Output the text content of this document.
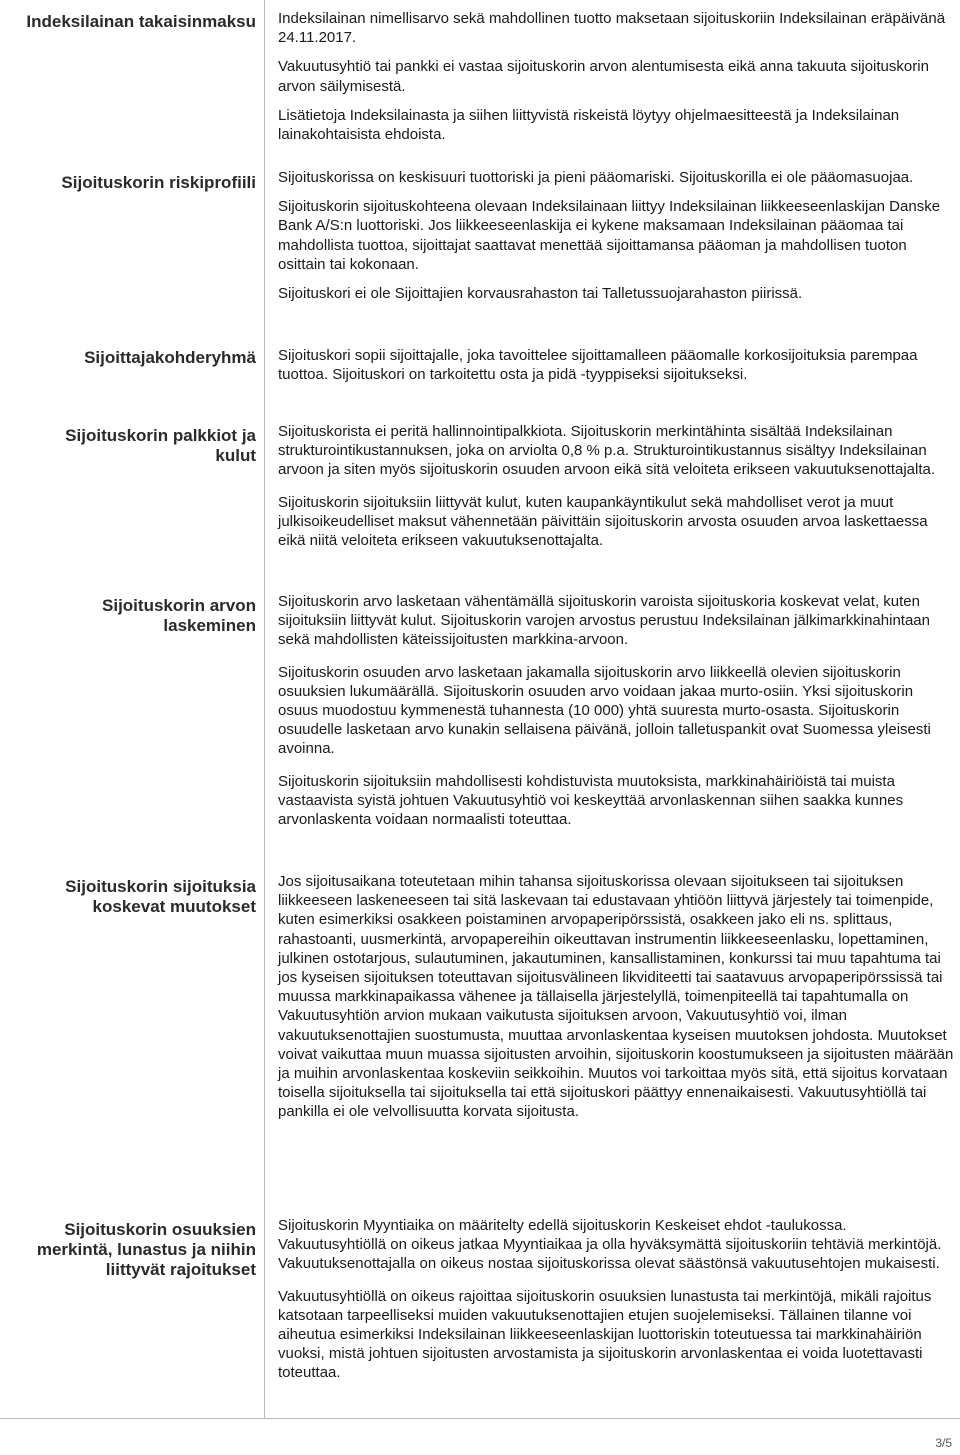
Indeksilainan takaisinmaksu
Sijoituskorin riskiprofiili
Sijoittajakohderyhmä
Sijoituskorin palkkiot ja kulut
Sijoituskorin arvon laskeminen
Sijoituskorin sijoituksia koskevat muutokset
Sijoituskorin osuuksien merkintä, lunastus ja niihin liittyvät rajoitukset

Indeksilainan nimellisarvo sekä mahdollinen tuotto maksetaan sijoituskoriin Indeksilainan eräpäivänä 24.11.2017.

Vakuutusyhtiö tai pankki ei vastaa sijoituskorin arvon alentumisesta eikä anna takuuta sijoituskorin arvon säilymisestä.

Lisätietoja Indeksilainasta ja siihen liittyvistä riskeistä löytyy ohjelmaesitteestä ja Indeksilainan lainakohtaisista ehdoista.

Sijoituskorissa on keskisuuri tuottoriski ja pieni pääomariski. Sijoituskorilla ei ole pääomasuojaa.

Sijoituskorin sijoituskohteena olevaan Indeksilainaan liittyy Indeksilainan liikkeeseenlaskijan Danske Bank A/S:n luottoriski. Jos liikkeeseenlaskija ei kykene maksamaan Indeksilainan pääomaa tai mahdollista tuottoa, sijoittajat saattavat menettää sijoittamansa pääoman ja mahdollisen tuoton osittain tai kokonaan.

Sijoituskori ei ole Sijoittajien korvausrahaston tai Talletussuojarahaston piirissä.

Sijoituskori sopii sijoittajalle, joka tavoittelee sijoittamalleen pääomalle korkosijoituksia parempaa tuottoa. Sijoituskori on tarkoitettu osta ja pidä -tyyppiseksi sijoitukseksi.

Sijoituskorista ei peritä hallinnointipalkkiota. Sijoituskorin merkintähinta sisältää Indeksilainan strukturointikustannuksen, joka on arviolta 0,8 % p.a. Strukturointikustannus sisältyy Indeksilainan arvoon ja siten myös sijoituskorin osuuden arvoon eikä sitä veloiteta erikseen vakuutuksenottajalta.

Sijoituskorin sijoituksiin liittyvät kulut, kuten kaupankäyntikulut sekä mahdolliset verot ja muut julkisoikeudelliset maksut vähennetään päivittäin sijoituskorin arvosta osuuden arvoa laskettaessa eikä niitä veloiteta erikseen vakuutuksenottajalta.

Sijoituskorin arvo lasketaan vähentämällä sijoituskorin varoista sijoituskoria koskevat velat, kuten sijoituksiin liittyvät kulut. Sijoituskorin varojen arvostus perustuu Indeksilainan jälkimarkkinahintaan sekä mahdollisten käteissijoitusten markkina-arvoon.

Sijoituskorin osuuden arvo lasketaan jakamalla sijoituskorin arvo liikkeellä olevien sijoituskorin osuuksien lukumäärällä. Sijoituskorin osuuden arvo voidaan jakaa murto-osiin. Yksi sijoituskorin osuus muodostuu kymmenestä tuhannesta (10 000) yhtä suuresta murto-osasta. Sijoituskorin osuudelle lasketaan arvo kunakin sellaisena päivänä, jolloin talletuspankit ovat Suomessa yleisesti avoinna.

Sijoituskorin sijoituksiin mahdollisesti kohdistuvista muutoksista, markkinahäiriöistä tai muista vastaavista syistä johtuen Vakuutusyhtiö voi keskeyttää arvonlaskennan siihen saakka kunnes arvonlaskenta voidaan normaalisti toteuttaa.

Jos sijoitusaikana toteutetaan mihin tahansa sijoituskorissa olevaan sijoitukseen tai sijoituksen liikkeeseen laskeneeseen tai sitä laskevaan tai edustavaan yhtiöön liittyvä järjestely tai toimenpide, kuten esimerkiksi osakkeen poistaminen arvopaperipörssistä, osakkeen jako eli ns. splittaus, rahastoanti, uusmerkintä, arvopapereihin oikeuttavan instrumentin liikkeeseenlasku, lopettaminen, julkinen ostotarjous, sulautuminen, jakautuminen, kansallistaminen, konkurssi tai muu tapahtuma tai jos kyseisen sijoituksen toteuttavan sijoitusvälineen likviditeetti tai saatavuus arvopaperipörssissä tai muussa markkinapaikassa vähenee ja tällaisella järjestelyllä, toimenpiteellä tai tapahtumalla on Vakuutusyhtiön arvion mukaan vaikutusta sijoituksen arvoon, Vakuutusyhtiö voi, ilman vakuutuksenottajien suostumusta, muuttaa arvonlaskentaa kyseisen muutoksen johdosta. Muutokset voivat vaikuttaa muun muassa sijoitusten arvoihin, sijoituskorin koostumukseen ja sijoitusten määrään ja muihin arvonlaskentaa koskeviin seikkoihin. Muutos voi tarkoittaa myös sitä, että sijoitus korvataan toisella sijoituksella tai sijoituksella tai että sijoituskori päättyy ennenaikaisesti. Vakuutusyhtiöllä tai pankilla ei ole velvollisuutta korvata sijoitusta.

Sijoituskorin Myyntiaika on määritelty edellä sijoituskorin Keskeiset ehdot -taulukossa. Vakuutusyhtiöllä on oikeus jatkaa Myyntiaikaa ja olla hyväksymättä sijoituskoriin tehtäviä merkintöjä. Vakuutuksenottajalla on oikeus nostaa sijoituskorissa olevat säästönsä vakuutusehtojen mukaisesti.

Vakuutusyhtiöllä on oikeus rajoittaa sijoituskorin osuuksien lunastusta tai merkintöjä, mikäli rajoitus katsotaan tarpeelliseksi muiden vakuutuksenottajien etujen suojelemiseksi. Tällainen tilanne voi aiheutua esimerkiksi Indeksilainan liikkeeseenlaskijan luottoriskin toteutuessa tai markkinahäiriön vuoksi, mistä johtuen sijoitusten arvostamista ja sijoituskorin arvonlaskentaa ei voida luotettavasti toteuttaa.

3/5
